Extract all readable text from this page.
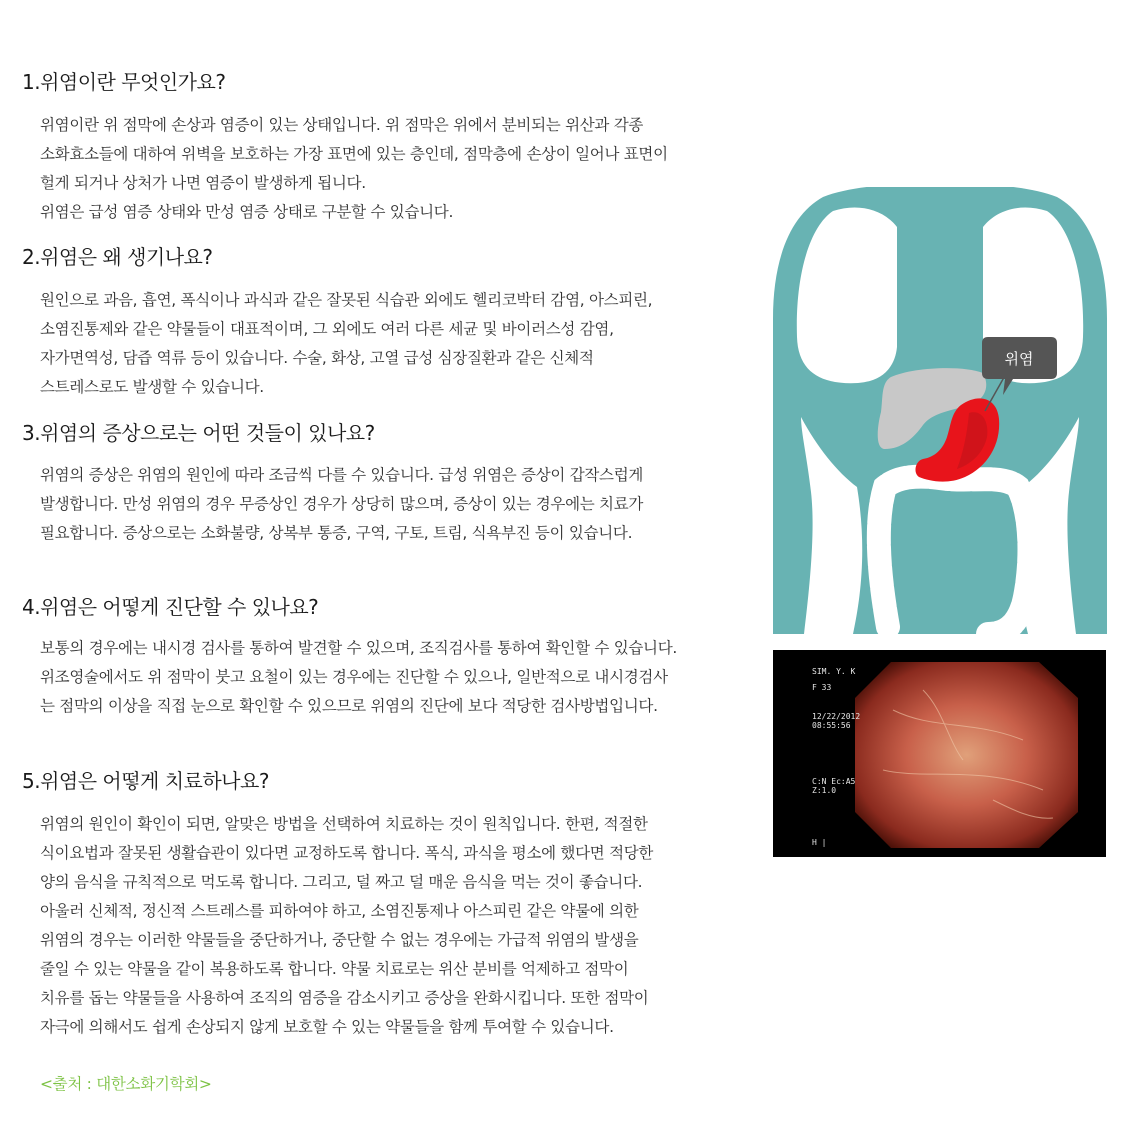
1.위염이란 무엇인가요?
위염이란 위 점막에 손상과 염증이 있는 상태입니다. 위 점막은 위에서 분비되는 위산과 각종
소화효소들에 대하여 위벽을 보호하는 가장 표면에 있는 층인데, 점막층에 손상이 일어나 표면이
헐게 되거나 상처가 나면 염증이 발생하게 됩니다.
위염은 급성 염증 상태와 만성 염증 상태로 구분할 수 있습니다.
2.위염은 왜 생기나요?
원인으로 과음, 흡연, 폭식이나 과식과 같은 잘못된 식습관 외에도 헬리코박터 감염, 아스피린,
소염진통제와 같은 약물들이 대표적이며, 그 외에도 여러 다른 세균 및 바이러스성 감염,
자가면역성, 담즙 역류 등이 있습니다. 수술, 화상, 고열 급성 심장질환과 같은 신체적
스트레스로도 발생할 수 있습니다.
3.위염의 증상으로는 어떤 것들이 있나요?
위염의 증상은 위염의 원인에 따라 조금씩 다를 수 있습니다. 급성 위염은 증상이 갑작스럽게
발생합니다. 만성 위염의 경우 무증상인 경우가 상당히 많으며, 증상이 있는 경우에는 치료가
필요합니다. 증상으로는 소화불량, 상복부 통증, 구역, 구토, 트림, 식욕부진 등이 있습니다.
4.위염은 어떻게 진단할 수 있나요?
보통의 경우에는 내시경 검사를 통하여 발견할 수 있으며, 조직검사를 통하여 확인할 수 있습니다.
위조영술에서도 위 점막이 붓고 요철이 있는 경우에는 진단할 수 있으나, 일반적으로 내시경검사
는 점막의 이상을 직접 눈으로 확인할 수 있으므로 위염의 진단에 보다 적당한 검사방법입니다.
5.위염은 어떻게 치료하나요?
위염의 원인이 확인이 되면, 알맞은 방법을 선택하여 치료하는 것이 원칙입니다. 한편, 적절한
식이요법과 잘못된 생활습관이 있다면 교정하도록 합니다. 폭식, 과식을 평소에 했다면 적당한
양의 음식을 규칙적으로 먹도록 합니다. 그리고, 덜 짜고 덜 매운 음식을 먹는 것이 좋습니다.
아울러 신체적, 정신적 스트레스를 피하여야 하고, 소염진통제나 아스피린 같은 약물에 의한
위염의 경우는 이러한 약물들을 중단하거나, 중단할 수 없는 경우에는 가급적 위염의 발생을
줄일 수 있는 약물을 같이 복용하도록 합니다. 약물 치료로는 위산 분비를 억제하고 점막이
치유를 돕는 약물들을 사용하여 조직의 염증을 감소시키고 증상을 완화시킵니다. 또한 점막이
자극에 의해서도 쉽게 손상되지 않게 보호할 수 있는 약물들을 함께 투여할 수 있습니다.
<출처 : 대한소화기학회>
위염
SIM. Y. K
F 33
12/22/2012
08:55:56
C:N Ec:A5
Z:1.0
H |
